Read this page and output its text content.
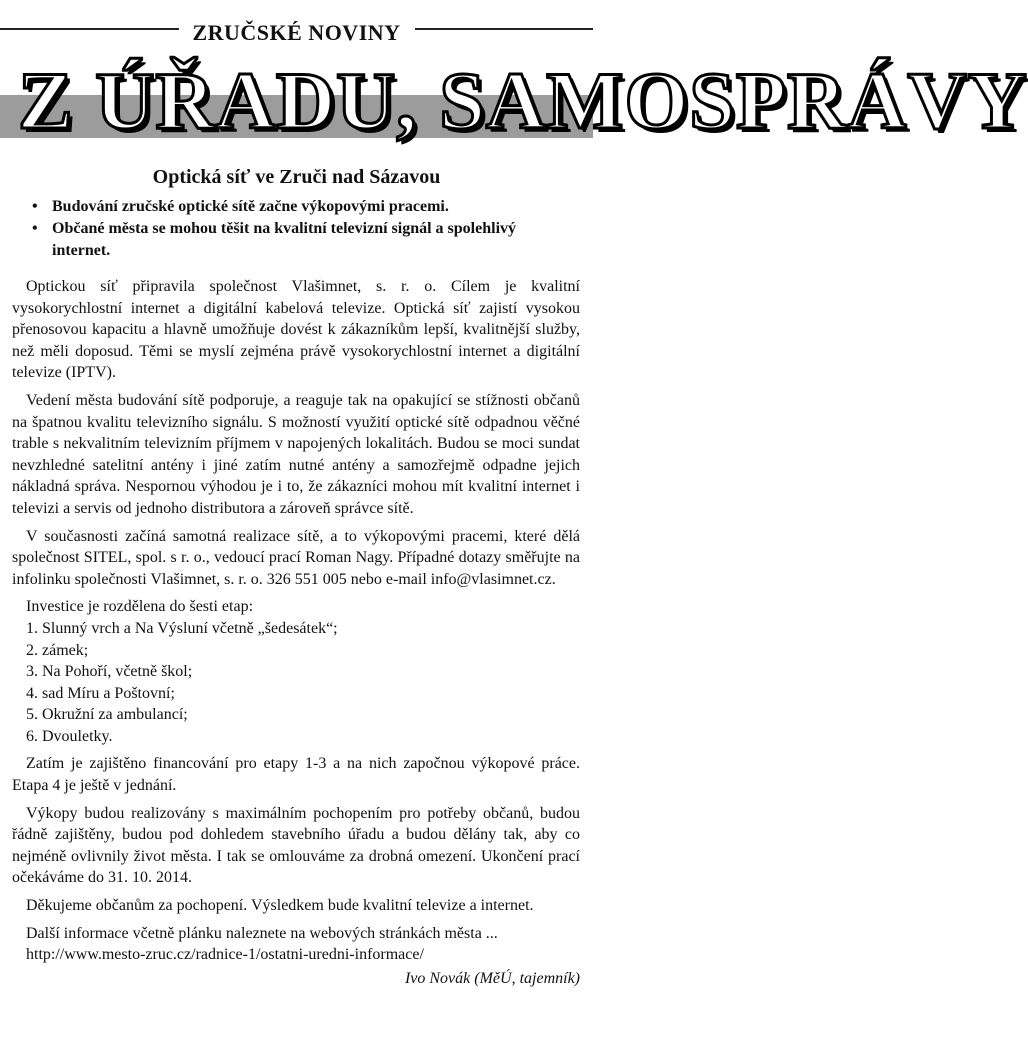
ZRUČSKÉ NOVINY
Z ÚŘADU, SAMOSPRÁVY
Optická síť ve Zruči nad Sázavou
• Budování zručské optické sítě začne výkopovými pracemi.
• Občané města se mohou těšit na kvalitní televizní signál a spolehlivý internet.

Optickou síť připravila společnost Vlašimnet, s. r. o. Cílem je kvalitní vysokorychlostní internet a digitální kabelová televize. Optická síť zajistí vysokou přenosovou kapacitu a hlavně umožňuje dovést k zákazníkům lepší, kvalitnější služby, než měli doposud. Těmi se myslí zejména právě vysokorychlostní internet a digitální televize (IPTV).

Vedení města budování sítě podporuje, a reaguje tak na opakující se stížnosti občanů na špatnou kvalitu televizního signálu. S možností využití optické sítě odpadnou věčné trable s nekvalitním televizním příjmem v napojených lokalitách. Budou se moci sundat nevzhledné satelitní antény i jiné zatím nutné antény a samozřejmě odpadne jejich nákladná správa. Nespornou výhodou je i to, že zákazníci mohou mít kvalitní internet i televizi a servis od jednoho distributora a zároveň správce sítě.

V současnosti začíná samotná realizace sítě, a to výkopovými pracemi, které dělá společnost SITEL, spol. s r. o., vedoucí prací Roman Nagy. Případné dotazy směřujte na infolinku společnosti Vlašimnet, s. r. o. 326 551 005 nebo e-mail info@vlasimnet.cz.

Investice je rozdělena do šesti etap:

1. Slunný vrch a Na Výsluní včetně „šedesátek“;
2. zámek;
3. Na Pohoří, včetně škol;
4. sad Míru a Poštovní;
5. Okružní za ambulancí;
6. Dvouletky.

Zatím je zajištěno financování pro etapy 1-3 a na nich započnou výkopové práce. Etapa 4 je ještě v jednání.

Výkopy budou realizovány s maximálním pochopením pro potřeby občanů, budou řádně zajištěny, budou pod dohledem stavebního úřadu a budou dělány tak, aby co nejméně ovlivnily život města. I tak se omlouváme za drobná omezení. Ukončení prací očekáváme do 31. 10. 2014.

Děkujeme občanům za pochopení. Výsledkem bude kvalitní televize a internet.

Další informace včetně plánku naleznete na webových stránkách města ...

http://www.mesto-zruc.cz/radnice-1/ostatni-uredni-informace/

Ivo Novák (MěÚ, tajemník)
